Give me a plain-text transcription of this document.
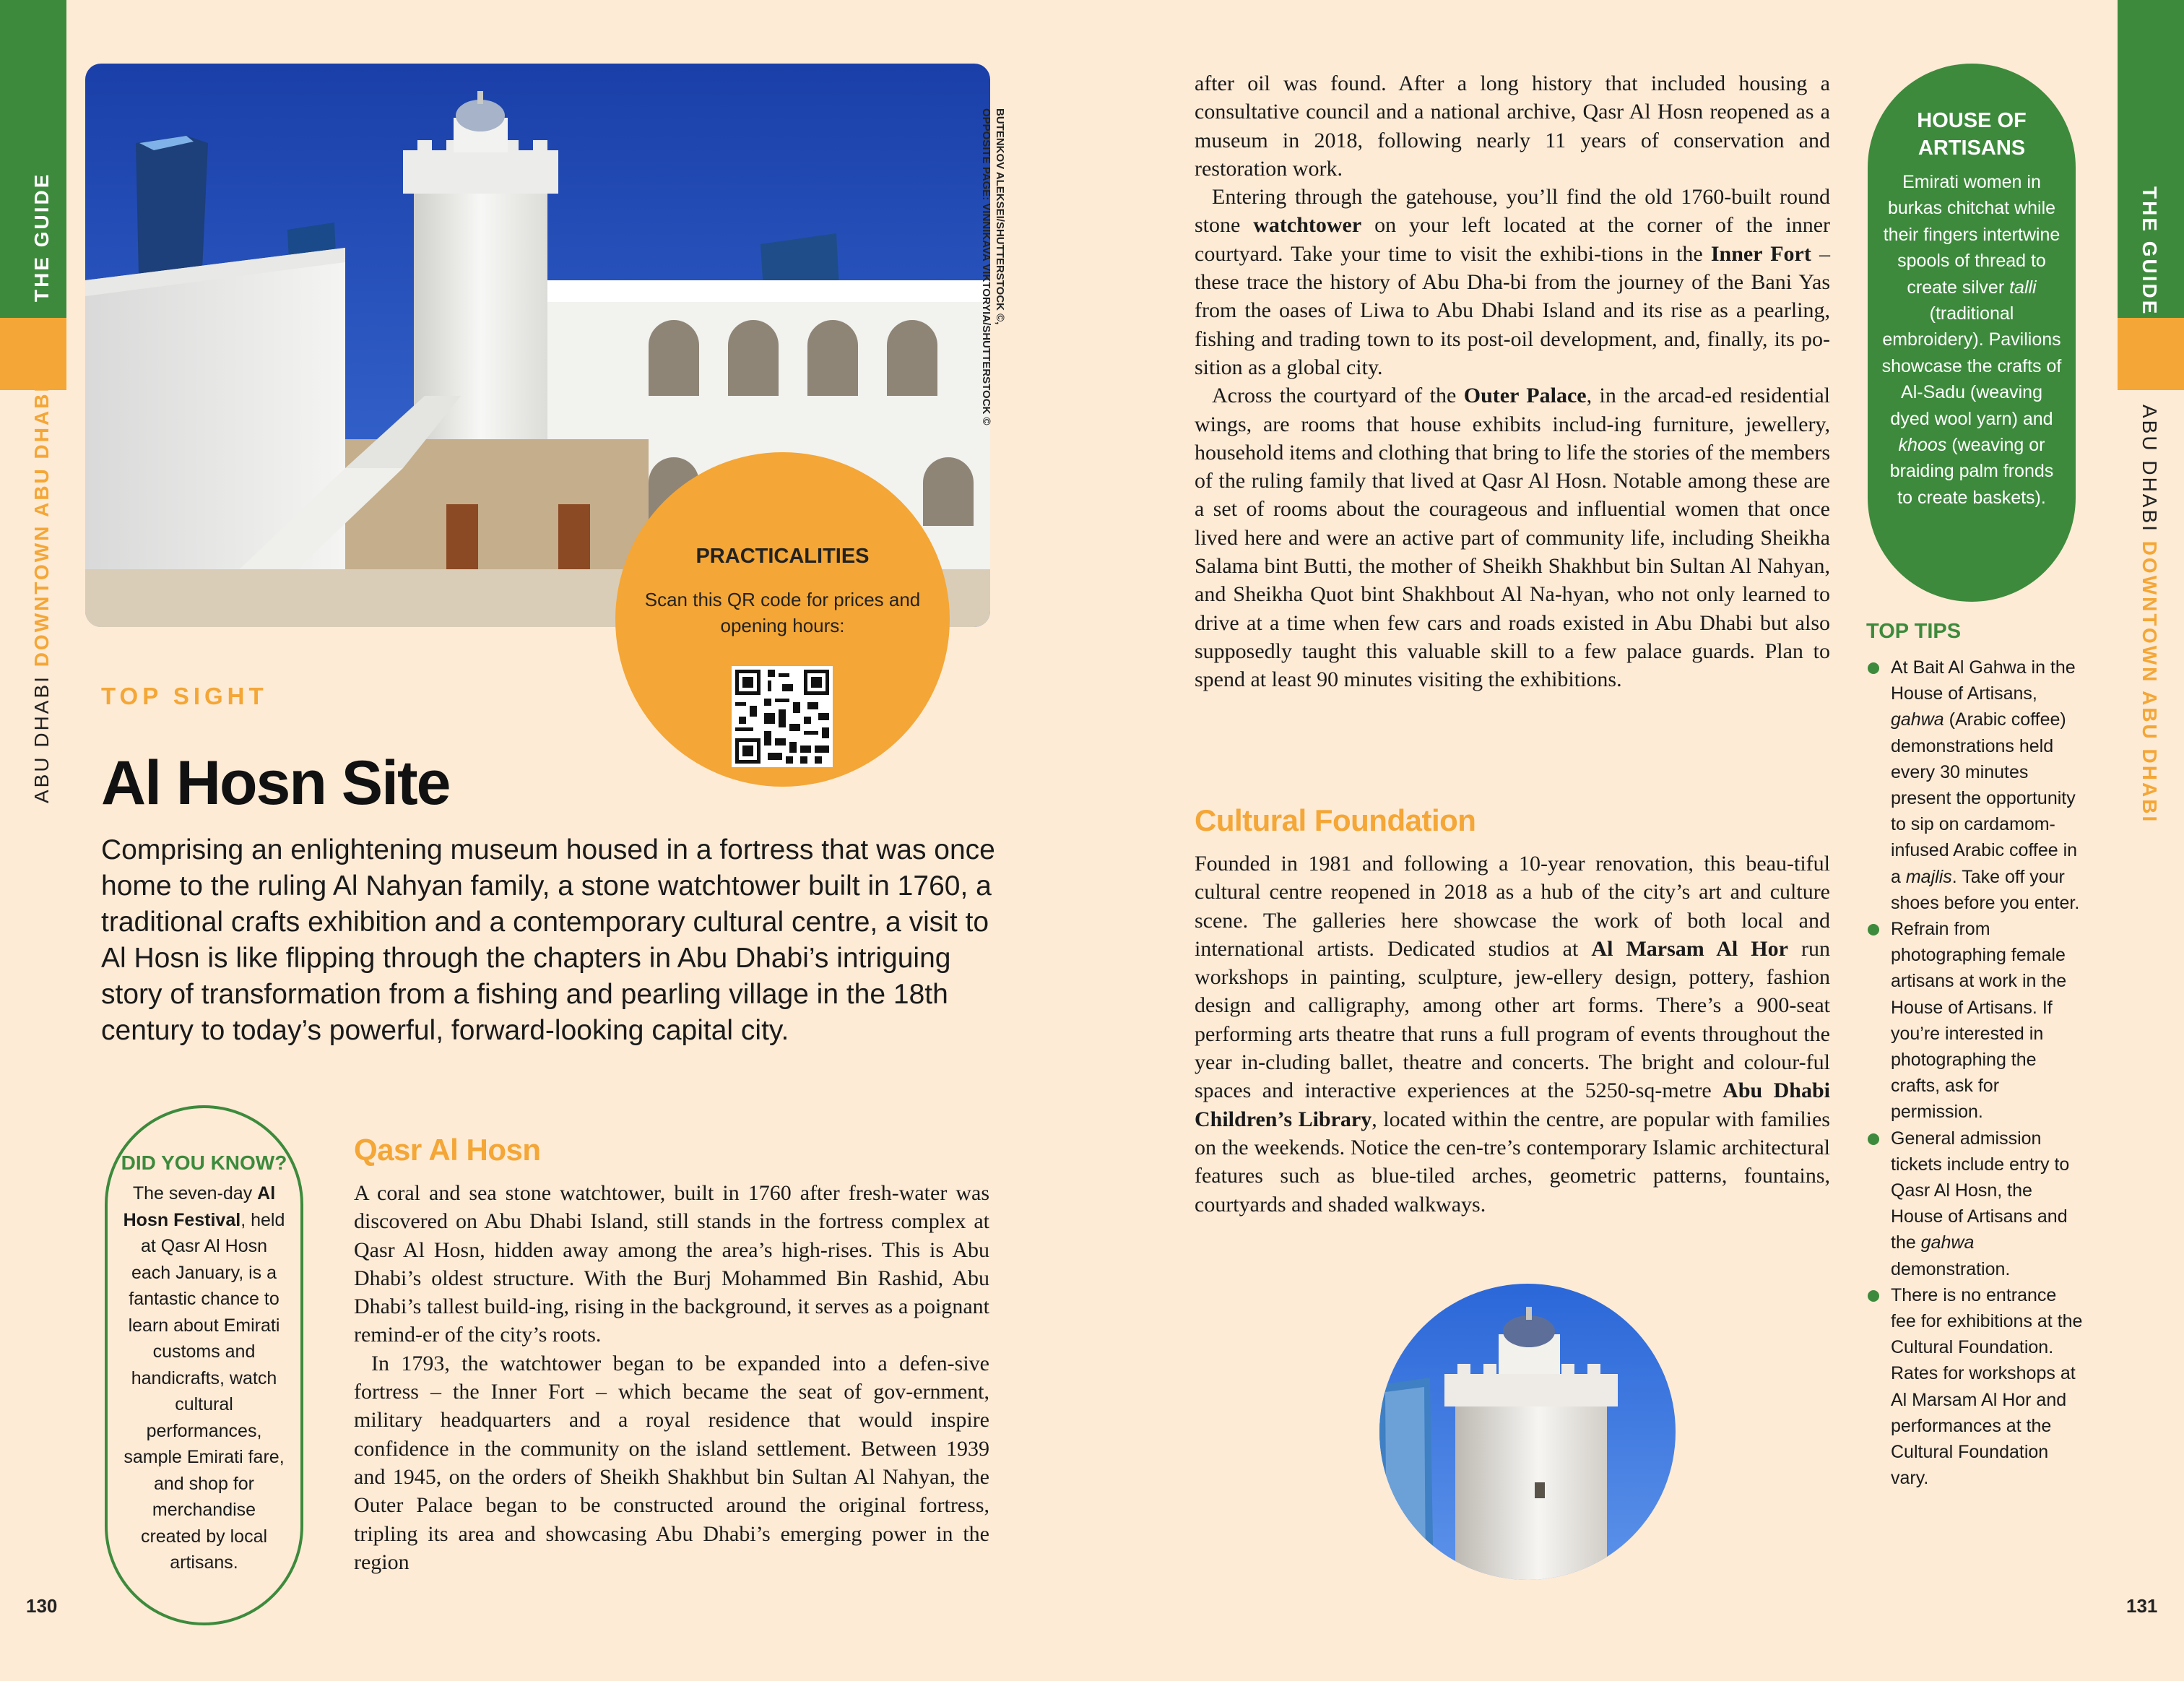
THE GUIDE
ABU DHABI DOWNTOWN ABU DHABI
130
THE GUIDE
ABU DHABI DOWNTOWN ABU DHABI
131
BUTENKOV ALEKSEI/SHUTTERSTOCK ©,
OPPOSITE PAGE: VINNIKAVA VIKTORYIA/SHUTTERSTOCK ©
PRACTICALITIES
Scan this QR code for prices and opening hours:
TOP SIGHT
Al Hosn Site
Comprising an enlightening museum housed in a fortress that was once home to the ruling Al Nahyan family, a stone watchtower built in 1760, a traditional crafts exhibition and a contemporary cultural centre, a visit to Al Hosn is like flipping through the chapters in Abu Dhabi’s intriguing story of transformation from a fishing and pearling village in the 18th century to today’s powerful, forward-looking capital city.
DID YOU KNOW?
The seven-day Al Hosn Festival, held at Qasr Al Hosn each January, is a fantastic chance to learn about Emirati customs and handicrafts, watch cultural performances, sample Emirati fare, and shop for merchandise created by local artisans.
Qasr Al Hosn

A coral and sea stone watchtower, built in 1760 after fresh-water was discovered on Abu Dhabi Island, still stands in the fortress complex at Qasr Al Hosn, hidden away among the area’s high-rises. This is Abu Dhabi’s oldest structure. With the Burj Mohammed Bin Rashid, Abu Dhabi’s tallest build-ing, rising in the background, it serves as a poignant remind-er of the city’s roots.

In 1793, the watchtower began to be expanded into a defen-sive fortress – the Inner Fort – which became the seat of gov-ernment, military headquarters and a royal residence that would inspire confidence in the community on the island settlement. Between 1939 and 1945, on the orders of Sheikh Shakhbut bin Sultan Al Nahyan, the Outer Palace began to be constructed around the original fortress, tripling its area and showcasing Abu Dhabi’s emerging power in the region

after oil was found. After a long history that included housing a consultative council and a national archive, Qasr Al Hosn reopened as a museum in 2018, following nearly 11 years of conservation and restoration work.

Entering through the gatehouse, you’ll find the old 1760-built round stone watchtower on your left located at the corner of the inner courtyard. Take your time to visit the exhibi-tions in the Inner Fort – these trace the history of Abu Dha-bi from the journey of the Bani Yas from the oases of Liwa to Abu Dhabi Island and its rise as a pearling, fishing and trading town to its post-oil development, and, finally, its po-sition as a global city.

Across the courtyard of the Outer Palace, in the arcad-ed residential wings, are rooms that house exhibits includ-ing furniture, jewellery, household items and clothing that bring to life the stories of the members of the ruling family that lived at Qasr Al Hosn. Notable among these are a set of rooms about the courageous and influential women that once lived here and were an active part of community life, including Sheikha Salama bint Butti, the mother of Sheikh Shakhbut bin Sultan Al Nahyan, and Sheikha Quot bint Shakhbout Al Na-hyan, who not only learned to drive at a time when few cars and roads existed in Abu Dhabi but also supposedly taught this valuable skill to a few palace guards. Plan to spend at least 90 minutes visiting the exhibitions.

Cultural Foundation

Founded in 1981 and following a 10-year renovation, this beau-tiful cultural centre reopened in 2018 as a hub of the city’s art and culture scene. The galleries here showcase the work of both local and international artists. Dedicated studios at Al Marsam Al Hor run workshops in painting, sculpture, jew-ellery design, pottery, fashion design and calligraphy, among other art forms. There’s a 900-seat performing arts theatre that runs a full program of events throughout the year in-cluding ballet, theatre and concerts. The bright and colour-ful spaces and interactive experiences at the 5250-sq-metre Abu Dhabi Children’s Library, located within the centre, are popular with families on the weekends. Notice the cen-tre’s contemporary Islamic architectural features such as blue-tiled arches, geometric patterns, fountains, courtyards and shaded walkways.

HOUSE OF ARTISANS
Emirati women in burkas chitchat while their fingers intertwine spools of thread to create silver talli (traditional embroidery). Pavilions showcase the crafts of Al-Sadu (weaving dyed wool yarn) and khoos (weaving or braiding palm fronds to create baskets).
TOP TIPS
At Bait Al Gahwa in the House of Artisans, gahwa (Arabic coffee) demonstrations held every 30 minutes present the opportunity to sip on cardamom-infused Arabic coffee in a majlis. Take off your shoes before you enter.
Refrain from photographing female artisans at work in the House of Artisans. If you’re interested in photographing the crafts, ask for permission.
General admission tickets include entry to Qasr Al Hosn, the House of Artisans and the gahwa demonstration.
There is no entrance fee for exhibitions at the Cultural Foundation. Rates for workshops at Al Marsam Al Hor and performances at the Cultural Foundation vary.
